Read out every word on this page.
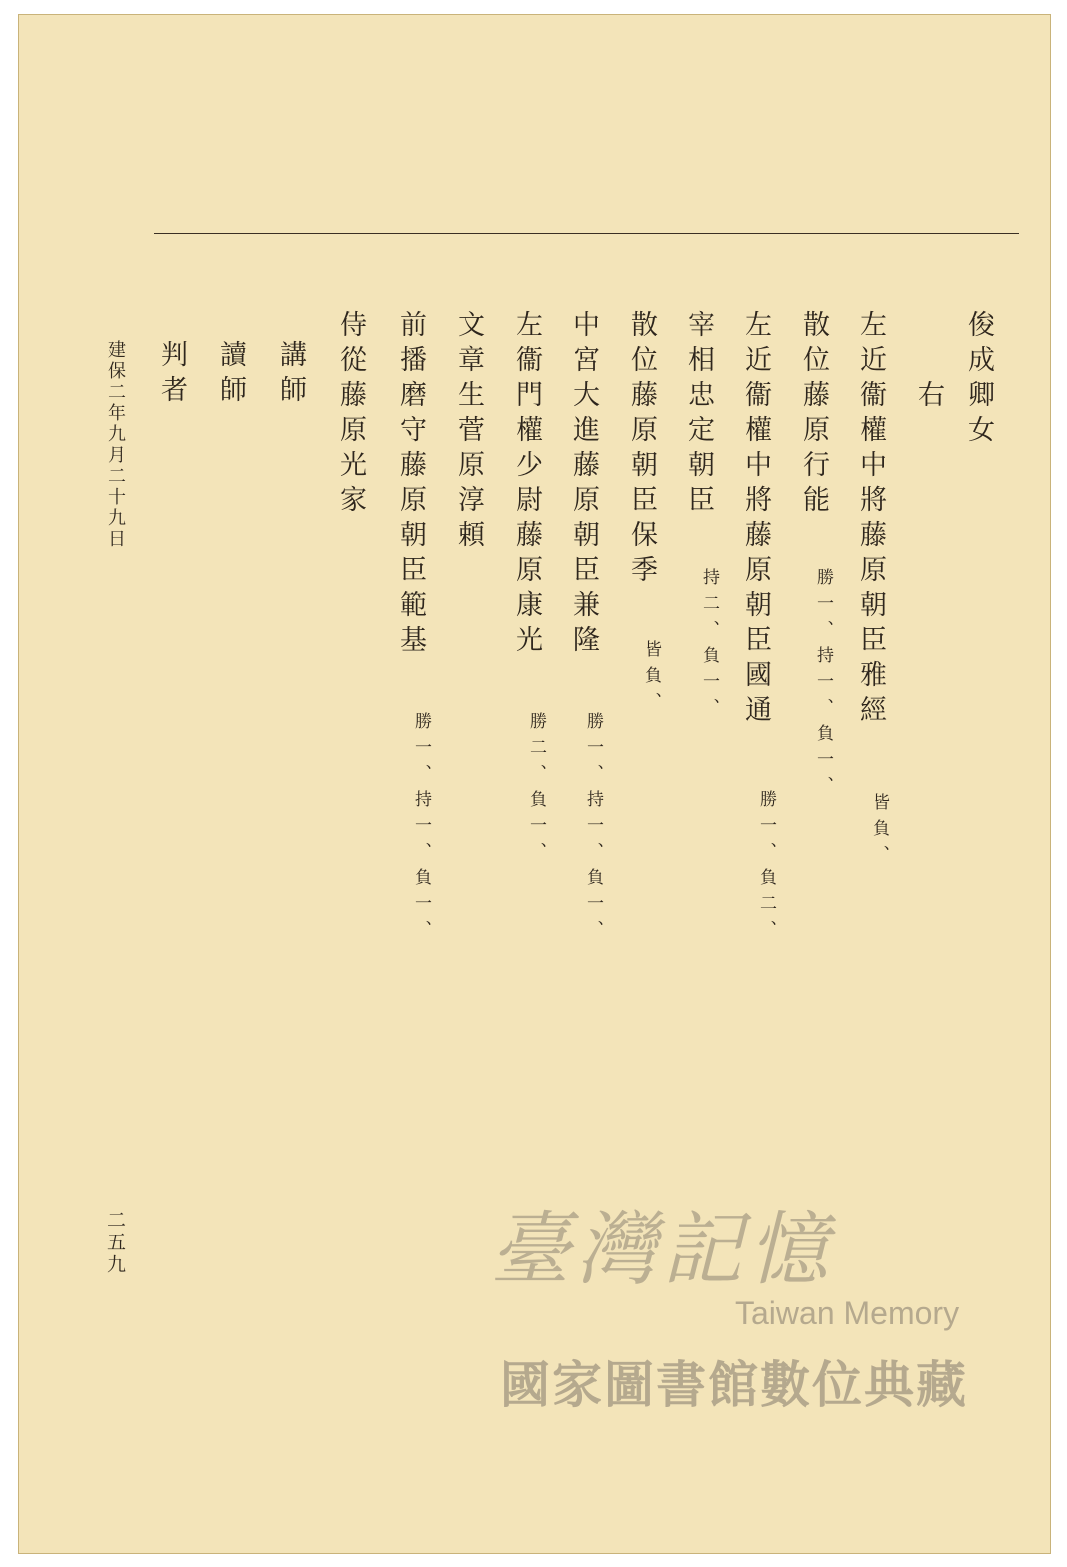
俊成卿女
右
左近衞權中將藤原朝臣雅經
皆負、
散位藤原行能
勝一、持一、負一、
左近衞權中將藤原朝臣國通
勝一、負二、
宰相忠定朝臣
持二、負一、
散位藤原朝臣保季
皆負、
中宮大進藤原朝臣兼隆
勝一、持一、負一、
左衞門權少尉藤原康光
勝二、負一、
文章生菅原淳頼
前播磨守藤原朝臣範基
勝一、持一、負一、
侍從藤原光家
講師
讀師
判者
建保二年九月二十九日
二五九	臺灣記憶
Taiwan Memory
國家圖書館數位典藏
